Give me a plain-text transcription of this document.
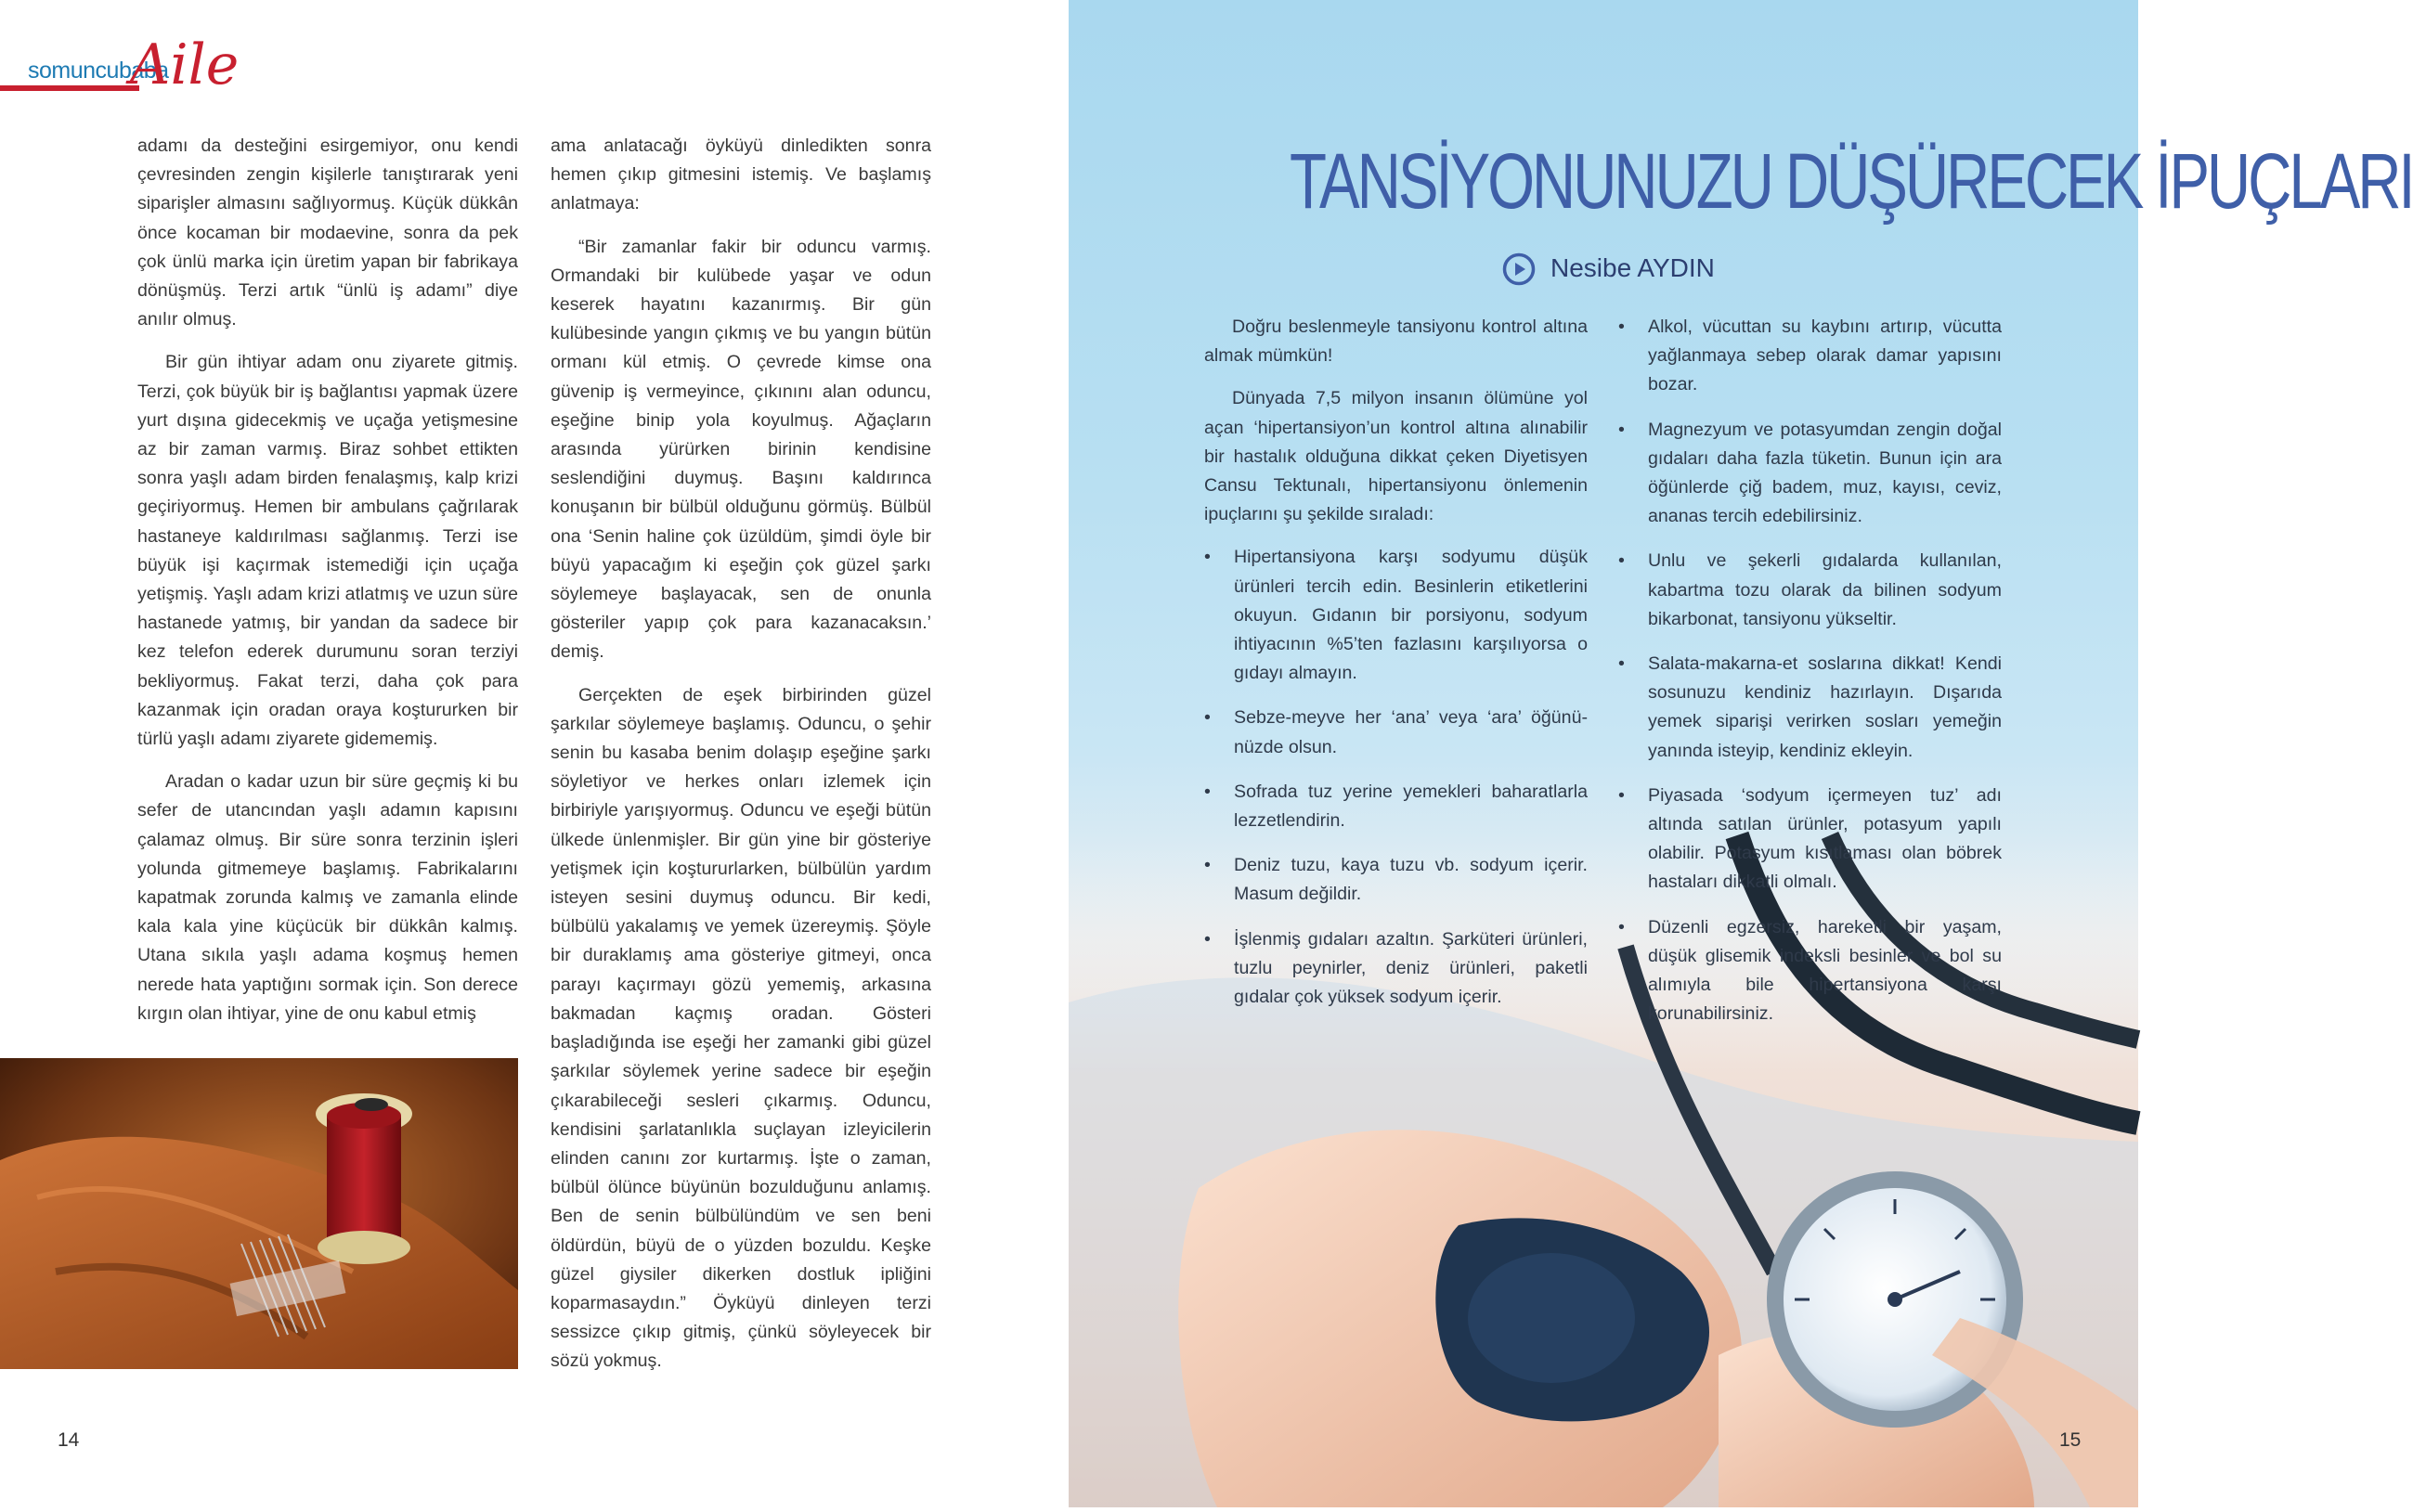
somuncubaba
Aile

adamı da desteğini esirgemiyor, onu kendi çevresinden zengin kişilerle tanıştırarak yeni siparişler almasını sağlıyormuş. Küçük dükkân önce kocaman bir modaevine, sonra da pek çok ünlü marka için üretim yapan bir fabrikaya dönüşmüş. Terzi artık “ünlü iş adamı” diye anılır olmuş.

Bir gün ihtiyar adam onu ziyarete gitmiş. Terzi, çok büyük bir iş bağlantısı yapmak üzere yurt dışına gidecekmiş ve uçağa yetişmesine az bir zaman varmış. Biraz sohbet ettikten sonra yaşlı adam birden fenalaşmış, kalp krizi geçiriyormuş. Hemen bir ambulans çağrılarak hastaneye kaldırılması sağlanmış. Terzi ise büyük işi kaçırmak istemediği için uçağa yetişmiş. Yaşlı adam krizi atlatmış ve uzun süre hastanede yatmış, bir yandan da sadece bir kez telefon ederek durumunu soran terziyi bekliyormuş. Fakat terzi, daha çok para kazanmak için oradan oraya koştururken bir türlü yaşlı adamı ziyarete gidememiş.

Aradan o kadar uzun bir süre geçmiş ki bu sefer de utancından yaşlı adamın kapısını çalamaz olmuş. Bir süre sonra terzinin işleri yolunda gitmemeye başlamış. Fabrikalarını kapatmak zorunda kalmış ve zamanla elinde kala kala yine küçücük bir dükkân kalmış. Utana sıkıla yaşlı adama koşmuş hemen nerede hata yaptığını sormak için. Son derece kırgın olan ihtiyar, yine de onu kabul etmiş

ama anlatacağı öyküyü dinledikten sonra hemen çıkıp gitmesini istemiş. Ve başlamış anlatmaya:

“Bir zamanlar fakir bir oduncu varmış. Ormandaki bir kulübede yaşar ve odun keserek hayatını kazanırmış. Bir gün kulübesinde yangın çıkmış ve bu yangın bütün ormanı kül etmiş. O çevrede kimse ona güvenip iş vermeyince, çıkınını alan oduncu, eşeğine binip yola koyulmuş. Ağaçların arasında yürürken birinin kendisine seslendiğini duymuş. Başını kaldırınca konuşanın bir bülbül olduğunu görmüş. Bülbül ona ‘Senin haline çok üzüldüm, şimdi öyle bir büyü yapacağım ki eşeğin çok güzel şarkı söylemeye başlayacak, sen de onunla gösteriler yapıp çok para kazanacaksın.’ demiş.

Gerçekten de eşek birbirinden güzel şarkılar söylemeye başlamış. Oduncu, o şehir senin bu kasaba benim dolaşıp eşeğine şarkı söyletiyor ve herkes onları izlemek için birbiriyle yarışıyormuş. Oduncu ve eşeği bütün ülkede ünlenmişler. Bir gün yine bir gösteriye yetişmek için koştururlarken, bülbülün yardım isteyen sesini duymuş oduncu. Bir kedi, bülbülü yakalamış ve yemek üzereymiş. Şöyle bir duraklamış ama gösteriye gitmeyi, onca parayı kaçırmayı gözü yememiş, arkasına bakmadan kaçmış oradan. Gösteri başladığında ise eşeği her zamanki gibi güzel şarkılar söylemek yerine sadece bir eşeğin çıkarabileceği sesleri çıkarmış. Oduncu, kendisini şarlatanlıkla suçlayan izleyicilerin elinden canını zor kurtarmış. İşte o zaman, bülbül ölünce büyünün bozulduğunu anlamış. Ben de senin bülbülündüm ve sen beni öldürdün, büyü de o yüzden bozuldu. Keşke güzel giysiler dikerken dostluk ipliğini koparmasaydın.” Öyküyü dinleyen terzi sessizce çıkıp gitmiş, çünkü söyleyecek bir sözü yokmuş.

14
TANSİYONUNUZU DÜŞÜRECEK İPUÇLARI
Nesibe AYDIN

Doğru beslenmeyle tansiyonu kontrol altına almak mümkün!

Dünyada 7,5 milyon insanın ölümüne yol açan ‘hipertansiyon’un kontrol altına alınabilir bir hastalık olduğuna dikkat çeken Diyetisyen Cansu Tektunalı, hipertansiyonu önlemenin ipuçlarını şu şekilde sıraladı:

• Hipertansiyona karşı sodyumu düşük ürünleri tercih edin. Besinlerin etiketlerini okuyun. Gıdanın bir porsiyonu, sodyum ihtiyacının %5’ten fazlasını karşılıyorsa o gıdayı almayın.
• Sebze-meyve her ‘ana’ veya ‘ara’ öğünü-nüzde olsun.
• Sofrada tuz yerine yemekleri baharatlarla lezzetlendirin.
• Deniz tuzu, kaya tuzu vb. sodyum içerir. Masum değildir.
• İşlenmiş gıdaları azaltın. Şarküteri ürünleri, tuzlu peynirler, deniz ürünleri, paketli gıdalar çok yüksek sodyum içerir.
• Alkol, vücuttan su kaybını artırıp, vücutta yağlanmaya sebep olarak damar yapısını bozar.
• Magnezyum ve potasyumdan zengin doğal gıdaları daha fazla tüketin. Bunun için ara öğünlerde çiğ badem, muz, kayısı, ceviz, ananas tercih edebilirsiniz.
• Unlu ve şekerli gıdalarda kullanılan, kabartma tozu olarak da bilinen sodyum bikarbonat, tansiyonu yükseltir.
• Salata-makarna-et soslarına dikkat! Kendi sosunuzu kendiniz hazırlayın. Dışarıda yemek siparişi verirken sosları yemeğin yanında isteyip, kendiniz ekleyin.
• Piyasada ‘sodyum içermeyen tuz’ adı altında satılan ürünler, potasyum yapılı olabilir. Potasyum kısıtlaması olan böbrek hastaları dikkatli olmalı.
• Düzenli egzersiz, hareketli bir yaşam, düşük glisemik indeksli besinler ve bol su alımıyla bile hipertansiyona karşı korunabilirsiniz.
15
